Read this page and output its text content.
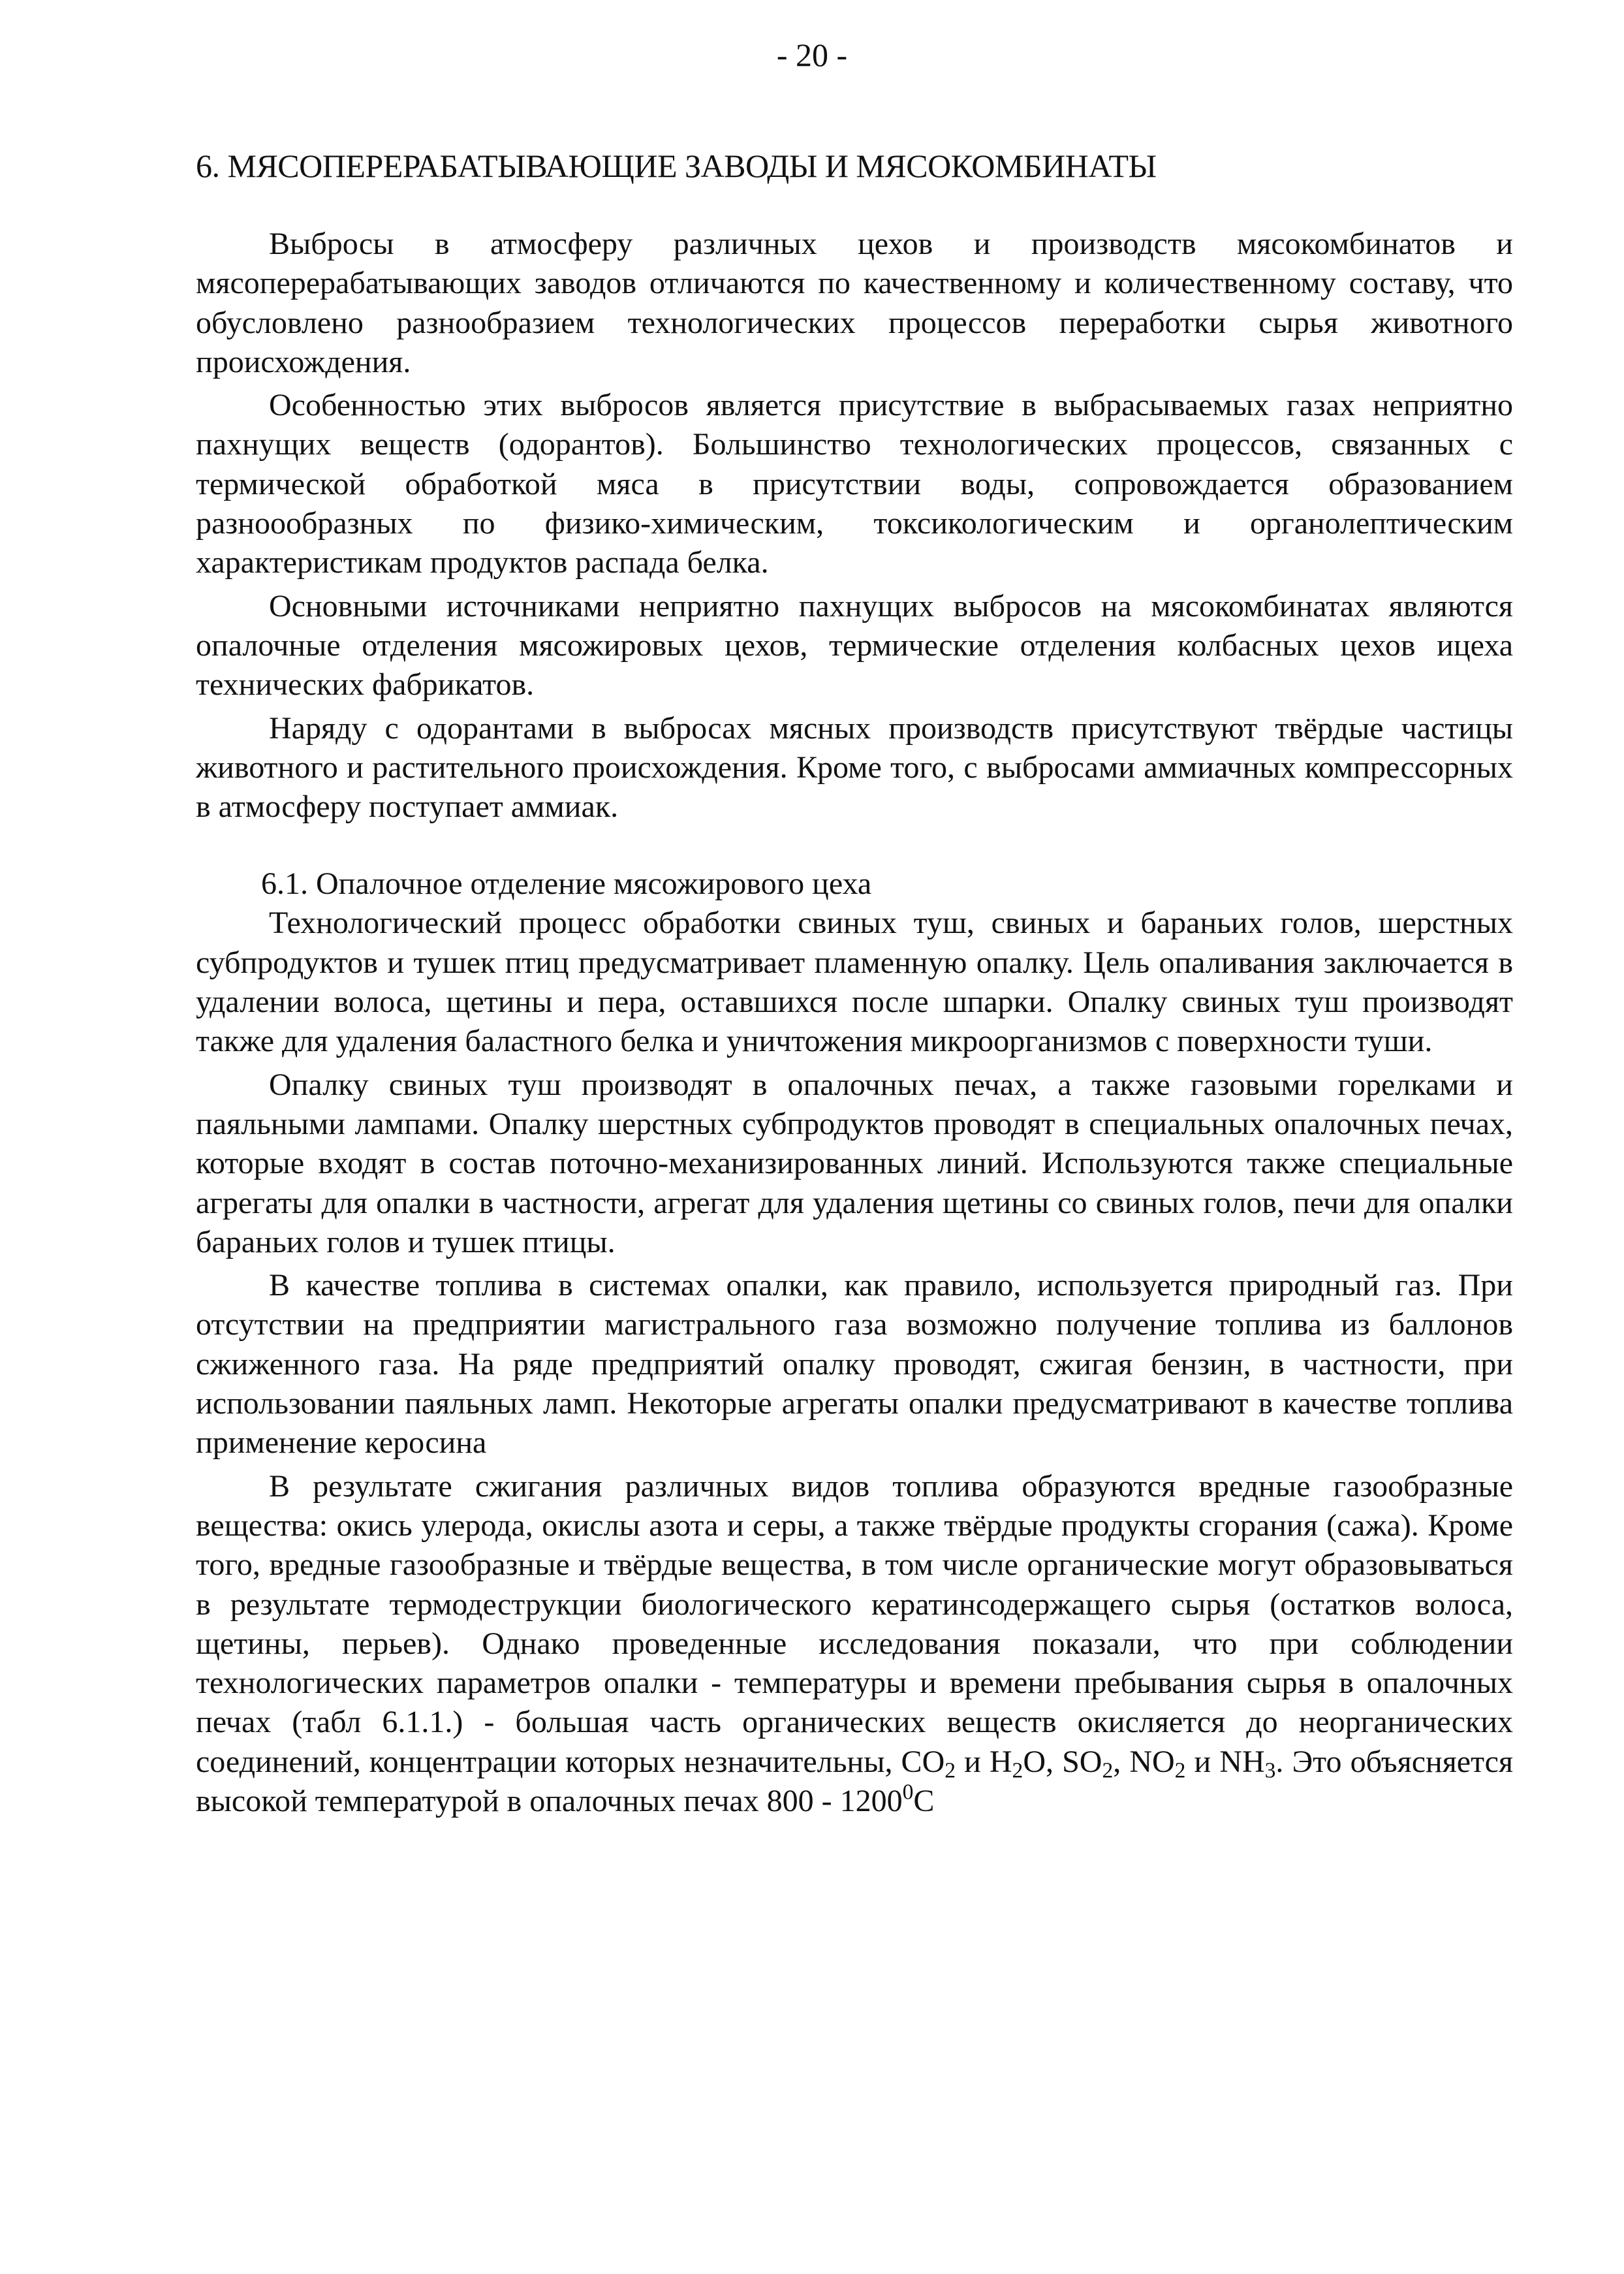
- 20 -
6. МЯСОПЕРЕРАБАТЫВАЮЩИЕ ЗАВОДЫ И МЯСОКОМБИНАТЫ

Выбросы в атмосферу различных цехов и производств мясокомбинатов и мясоперерабатывающих заводов отличаются по качественному и количественному составу, что обусловлено разнообразием технологических процессов переработки сырья животного происхождения.

Особенностью этих выбросов является присутствие в выбрасываемых газах неприятно пахнущих веществ (одорантов). Большинство технологических процессов, связанных с термической обработкой мяса в присутствии воды, сопровождается образованием разноообразных по физико-химическим, токсикологическим и органолептическим характеристикам продуктов распада белка.

Основными источниками неприятно пахнущих выбросов на мясокомбинатах являются опалочные отделения мясожировых цехов, термические отделения колбасных цехов ицеха технических фабрикатов.

Наряду с одорантами в выбросах мясных производств присутствуют твёрдые частицы животного и растительного происхождения. Кроме того, с выбросами аммиачных компрессорных в атмосферу поступает аммиак.

6.1. Опалочное отделение мясожирового цеха

Технологический процесс обработки свиных туш, свиных и бараньих голов, шерстных субпродуктов и тушек птиц предусматривает пламенную опалку. Цель опаливания заключается в удалении волоса, щетины и пера, оставшихся после шпарки. Опалку свиных туш производят также для удаления баластного белка и уничтожения микроорганизмов с поверхности туши.

Опалку свиных туш производят в опалочных печах, а также газовыми горелками и паяльными лампами. Опалку шерстных субпродуктов проводят в специальных опалочных печах, которые входят в состав поточно-механизированных линий. Используются также специальные агрегаты для опалки в частности, агрегат для удаления щетины со свиных голов, печи для опалки бараньих голов и тушек птицы.

В качестве топлива в системах опалки, как правило, используется природный газ. При отсутствии на предприятии магистрального газа возможно получение топлива из баллонов сжиженного газа. На ряде предприятий опалку проводят, сжигая бензин, в частности, при использовании паяльных ламп. Некоторые агрегаты опалки предусматривают в качестве топлива применение керосина

В результате сжигания различных видов топлива образуются вредные газообразные вещества: окись улерода, окислы азота и серы, а также твёрдые продукты сгорания (сажа). Кроме того, вредные газообразные и твёрдые вещества, в том числе органические могут образовываться в результате термодеструкции биологического кератинсодержащего сырья (остатков волоса, щетины, перьев). Однако проведенные исследования показали, что при соблюдении технологических параметров опалки - температуры и времени пребывания сырья в опалочных печах (табл 6.1.1.) - большая часть органических веществ окисляется до неорганических соединений, концентрации которых незначительны, $CO_2$ и $H_2O$, $SO_2$, $NO_2$ и $NH_3$. Это объясняется высокой температурой в опалочных печах 800 - 1200$^0$С
